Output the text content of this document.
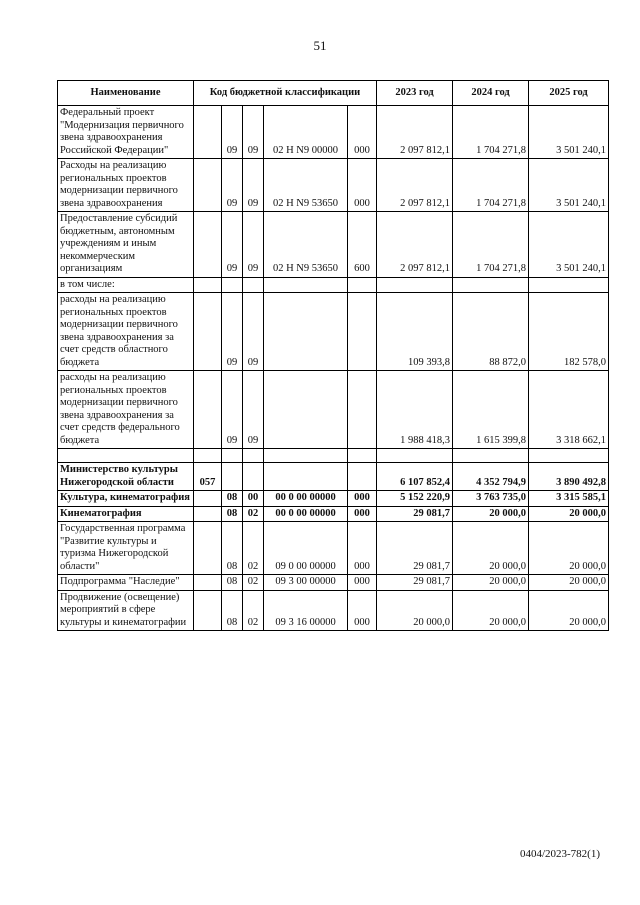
51
Наименование	Код бюджетной классификации					2023 год	2024 год	2025 год
Федеральный проект "Модернизация первичного звена здравоохранения Российской Федерации"		09	09	02 Н N9 00000	000	2 097 812,1	1 704 271,8	3 501 240,1
Расходы на реализацию региональных проектов модернизации первичного звена здравоохранения		09	09	02 Н N9 53650	000	2 097 812,1	1 704 271,8	3 501 240,1
Предоставление субсидий бюджетным, автономным учреждениям и иным некоммерческим организациям		09	09	02 Н N9 53650	600	2 097 812,1	1 704 271,8	3 501 240,1
в том числе:								
расходы на реализацию региональных проектов модернизации первичного звена здравоохранения за счет средств областного бюджета		09	09			109 393,8	88 872,0	182 578,0
расходы на реализацию региональных проектов модернизации первичного звена здравоохранения за счет средств федерального бюджета		09	09			1 988 418,3	1 615 399,8	3 318 662,1

Министерство культуры Нижегородской области	057					6 107 852,4	4 352 794,9	3 890 492,8
Культура, кинематография		08	00	00 0 00 00000	000	5 152 220,9	3 763 735,0	3 315 585,1
Кинематография		08	02	00 0 00 00000	000	29 081,7	20 000,0	20 000,0
Государственная программа "Развитие культуры и туризма Нижегородской области"		08	02	09 0 00 00000	000	29 081,7	20 000,0	20 000,0
Подпрограмма "Наследие"		08	02	09 3 00 00000	000	29 081,7	20 000,0	20 000,0
Продвижение (освещение) мероприятий в сфере культуры и кинематографии		08	02	09 3 16 00000	000	20 000,0	20 000,0	20 000,0
0404/2023-782(1)
